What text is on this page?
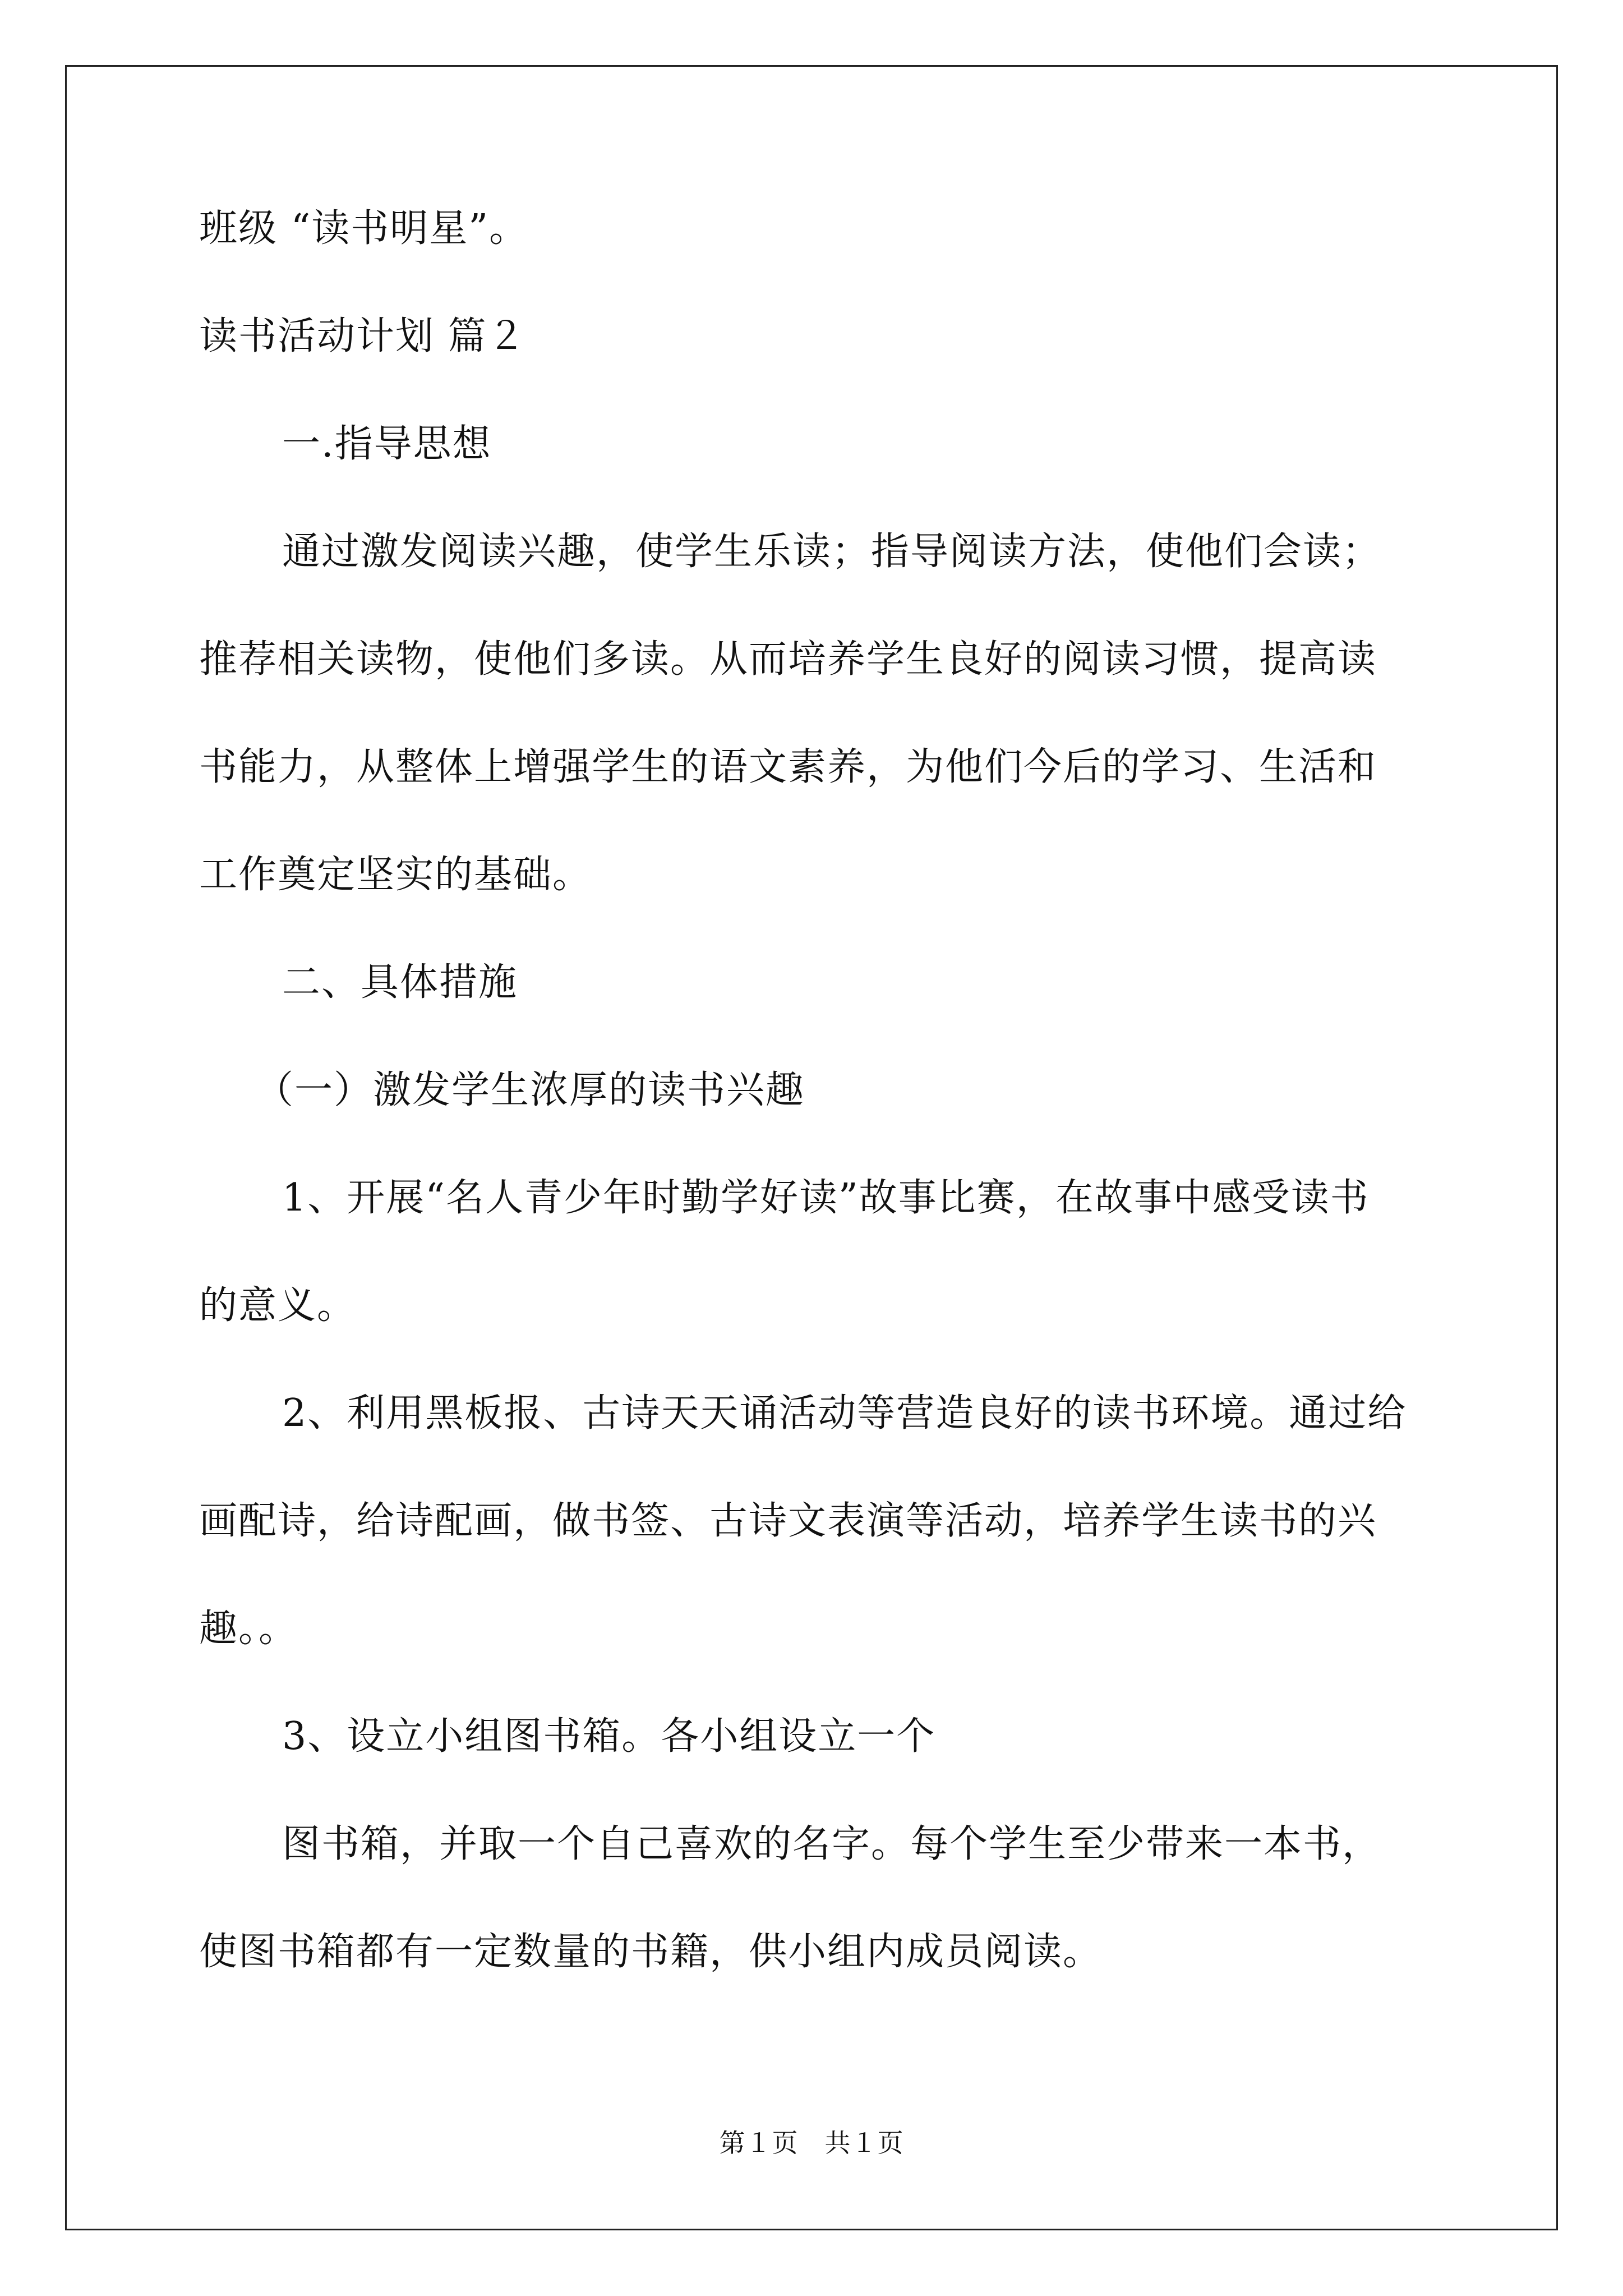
班级 “读书明星”。
读书活动计划 篇２
一.指导思想
通过激发阅读兴趣，使学生乐读；指导阅读方法，使他们会读；
推荐相关读物，使他们多读。从而培养学生良好的阅读习惯，提高读
书能力，从整体上增强学生的语文素养，为他们今后的学习、生活和
工作奠定坚实的基础。
二、具体措施
（一）激发学生浓厚的读书兴趣
1、开展“名人青少年时勤学好读”故事比赛，在故事中感受读书
的意义。
2、利用黑板报、古诗天天诵活动等营造良好的读书环境。通过给
画配诗，给诗配画，做书签、古诗文表演等活动，培养学生读书的兴
趣。。
3、设立小组图书箱。各小组设立一个
图书箱，并取一个自己喜欢的名字。每个学生至少带来一本书，
使图书箱都有一定数量的书籍，供小组内成员阅读。
第１页　共１页
